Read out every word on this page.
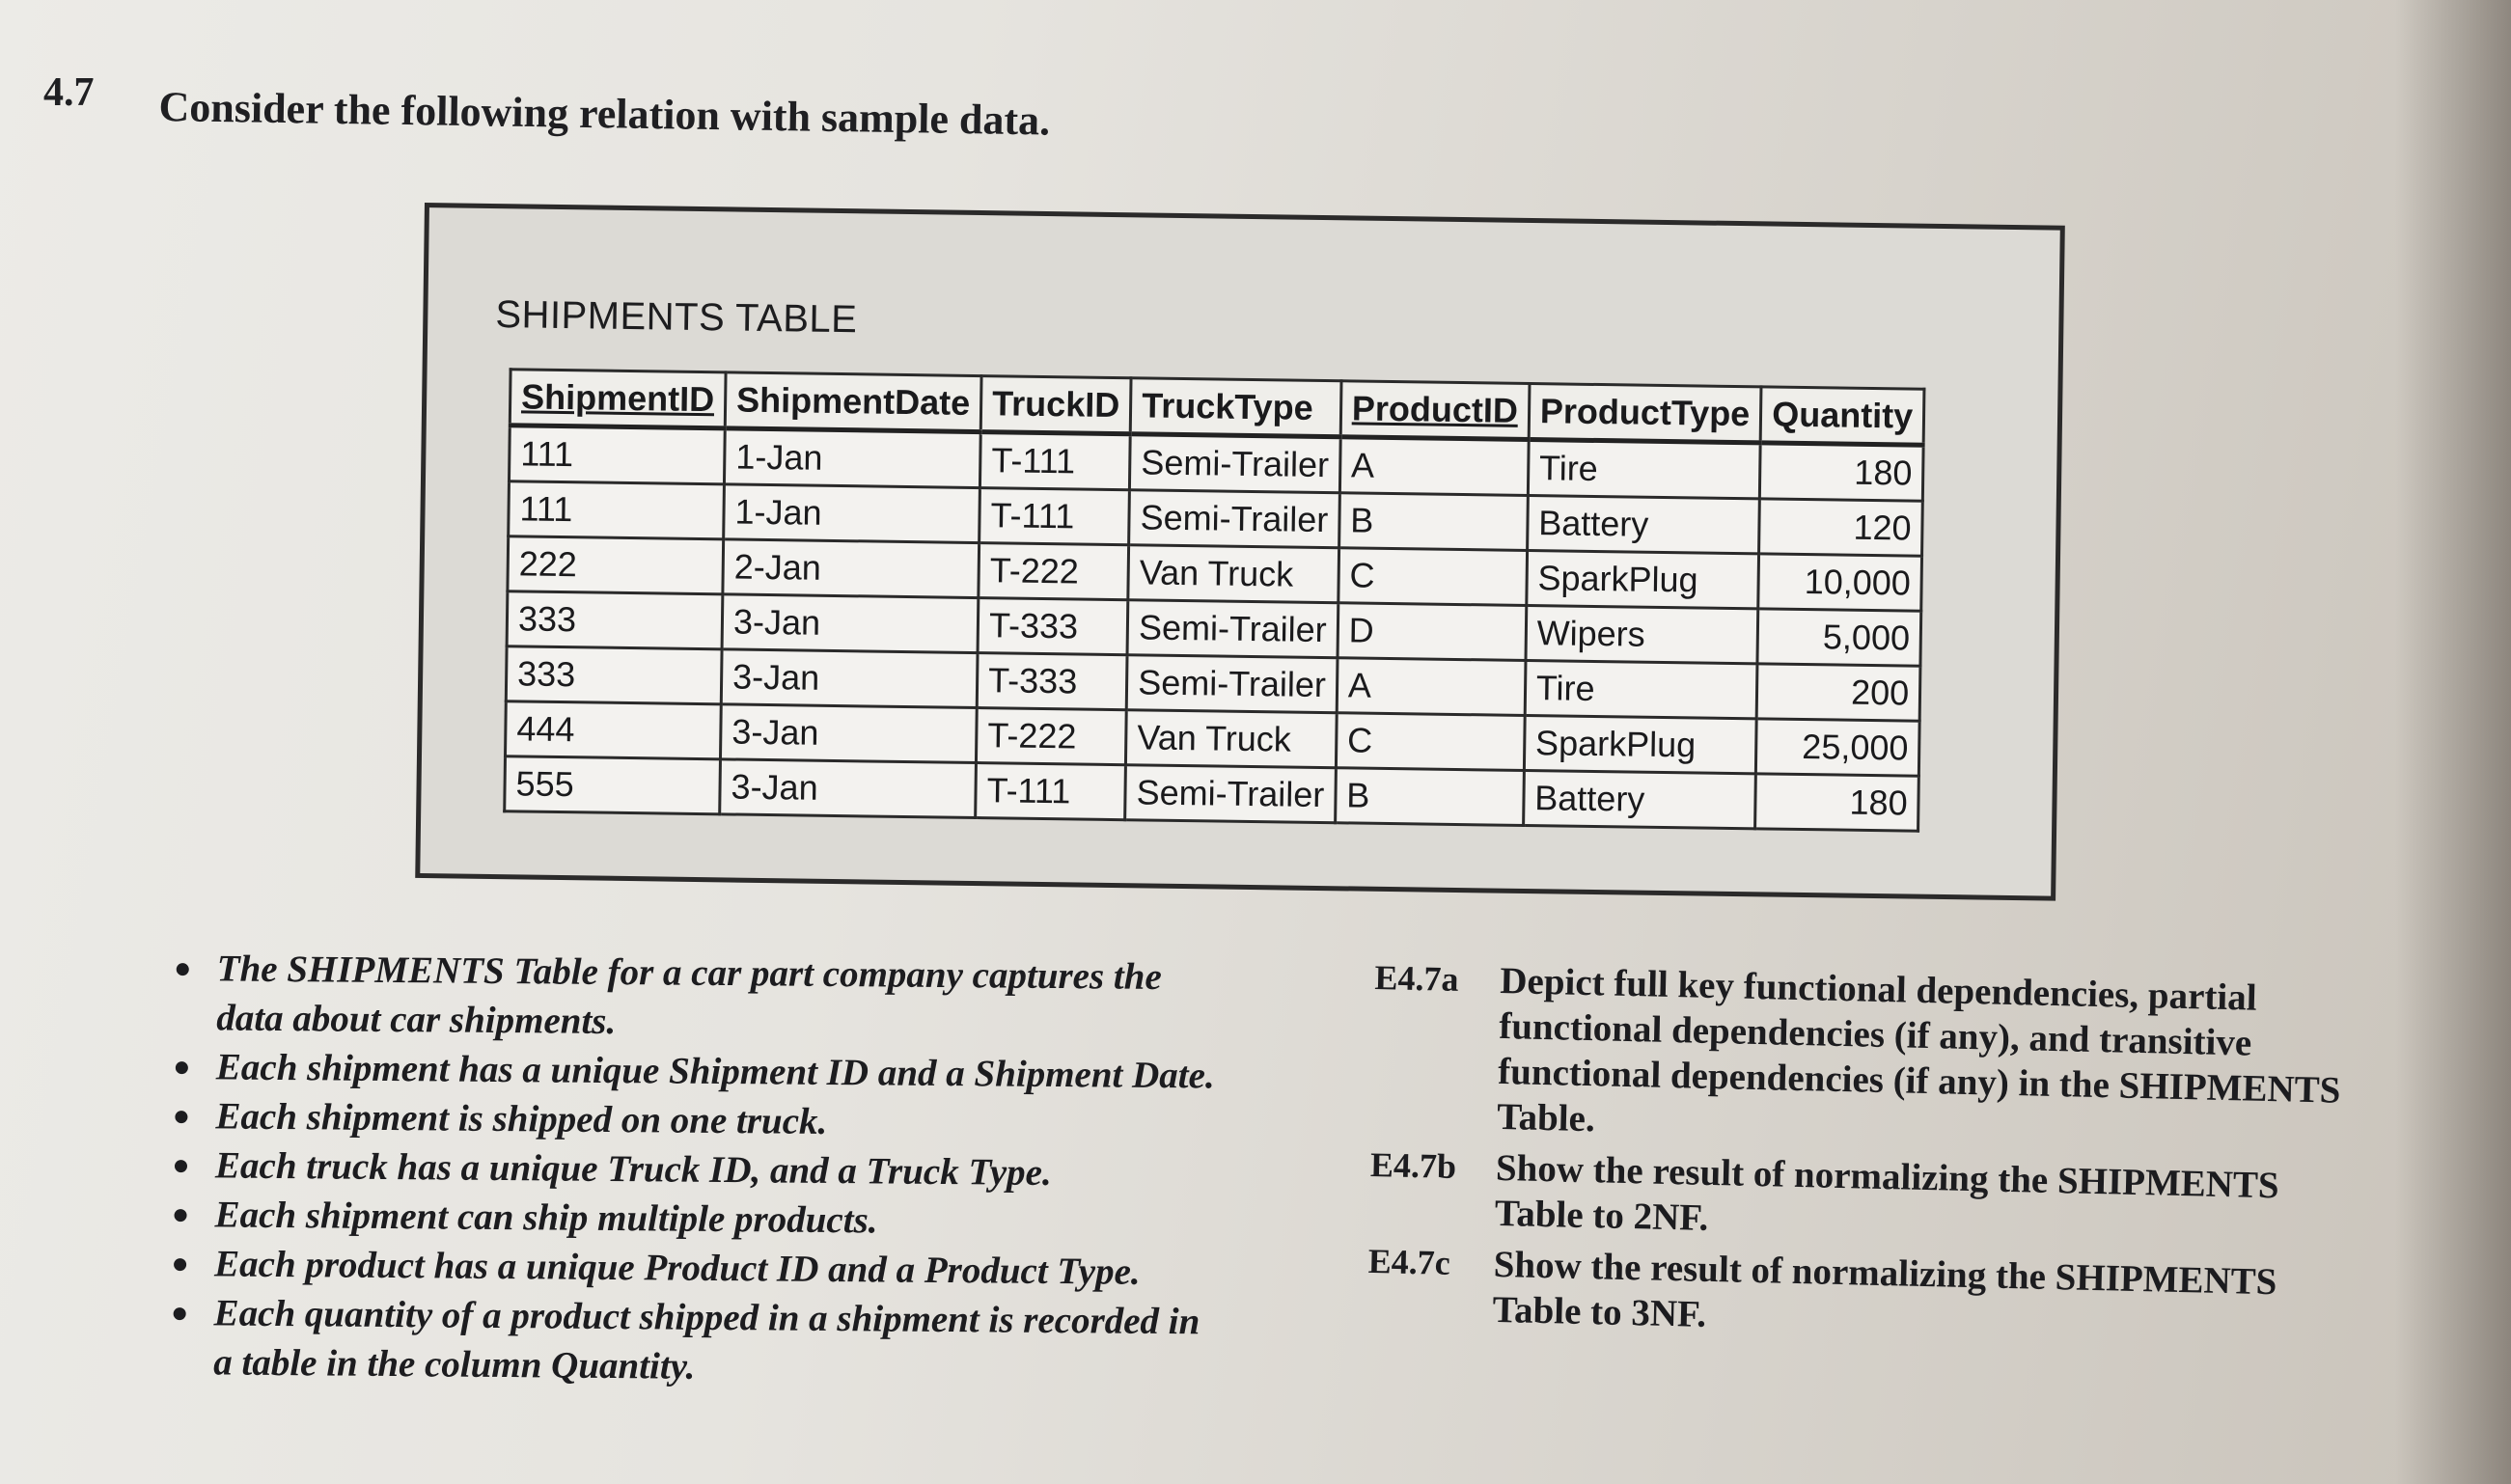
4.7 Consider the following relation with sample data.
SHIPMENTS TABLE
ShipmentID	ShipmentDate	TruckID	TruckType	ProductID	ProductType	Quantity
111	1-Jan	T-111	Semi-Trailer	A	Tire	180
111	1-Jan	T-111	Semi-Trailer	B	Battery	120
222	2-Jan	T-222	Van Truck	C	SparkPlug	10,000
333	3-Jan	T-333	Semi-Trailer	D	Wipers	5,000
333	3-Jan	T-333	Semi-Trailer	A	Tire	200
444	3-Jan	T-222	Van Truck	C	SparkPlug	25,000
555	3-Jan	T-111	Semi-Trailer	B	Battery	180
The SHIPMENTS Table for a car part company captures the data about car shipments.
Each shipment has a unique Shipment ID and a Shipment Date.
Each shipment is shipped on one truck.
Each truck has a unique Truck ID, and a Truck Type.
Each shipment can ship multiple products.
Each product has a unique Product ID and a Product Type.
Each quantity of a product shipped in a shipment is recorded in a table in the column Quantity.
E4.7a	Depict full key functional dependencies, partial functional dependencies (if any), and transitive functional dependencies (if any) in the SHIPMENTS Table.
E4.7b	Show the result of normalizing the SHIPMENTS Table to 2NF.
E4.7c	Show the result of normalizing the SHIPMENTS Table to 3NF.
